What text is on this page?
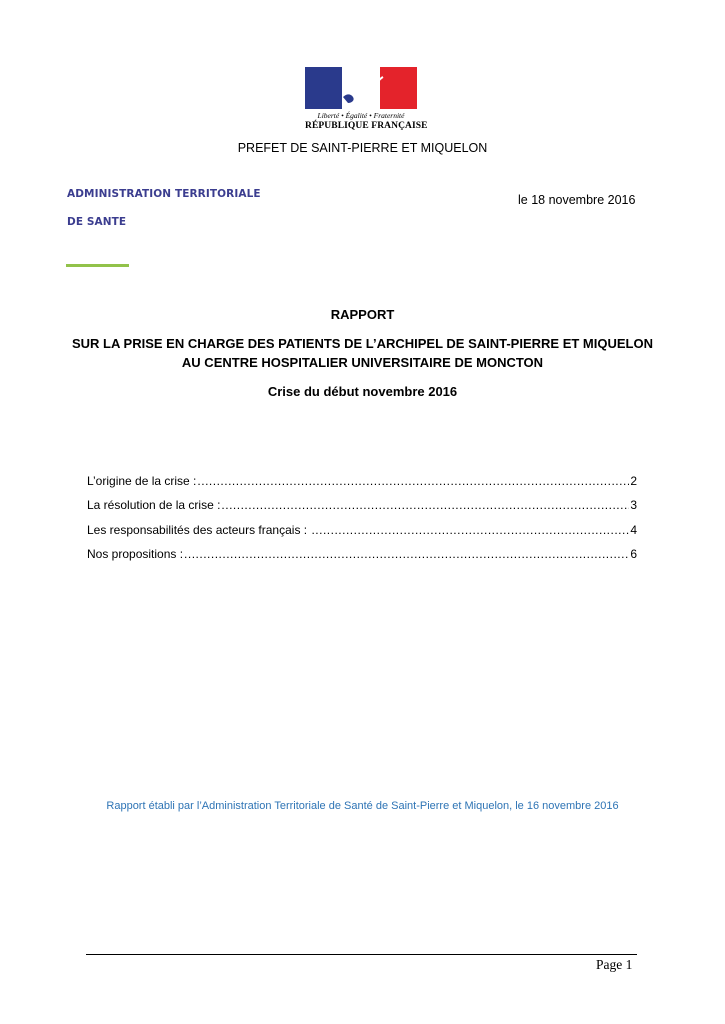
Liberté • Égalité • Fraternité
RÉPUBLIQUE FRANÇAISE
PREFET DE SAINT-PIERRE ET MIQUELON
ADMINISTRATION TERRITORIALE
DE SANTE
le 18 novembre 2016
RAPPORT
SUR LA PRISE EN CHARGE DES PATIENTS DE L’ARCHIPEL DE SAINT-PIERRE ET MIQUELON
AU CENTRE HOSPITALIER UNIVERSITAIRE DE MONCTON
Crise du début novembre 2016
L’origine de la crise : .....	2
La résolution de la crise : .....	3
Les responsabilités des acteurs français : .....	4
Nos propositions : .....	6
Rapport établi par l’Administration Territoriale de Santé de Saint-Pierre et Miquelon, le 16 novembre 2016
Page 1
